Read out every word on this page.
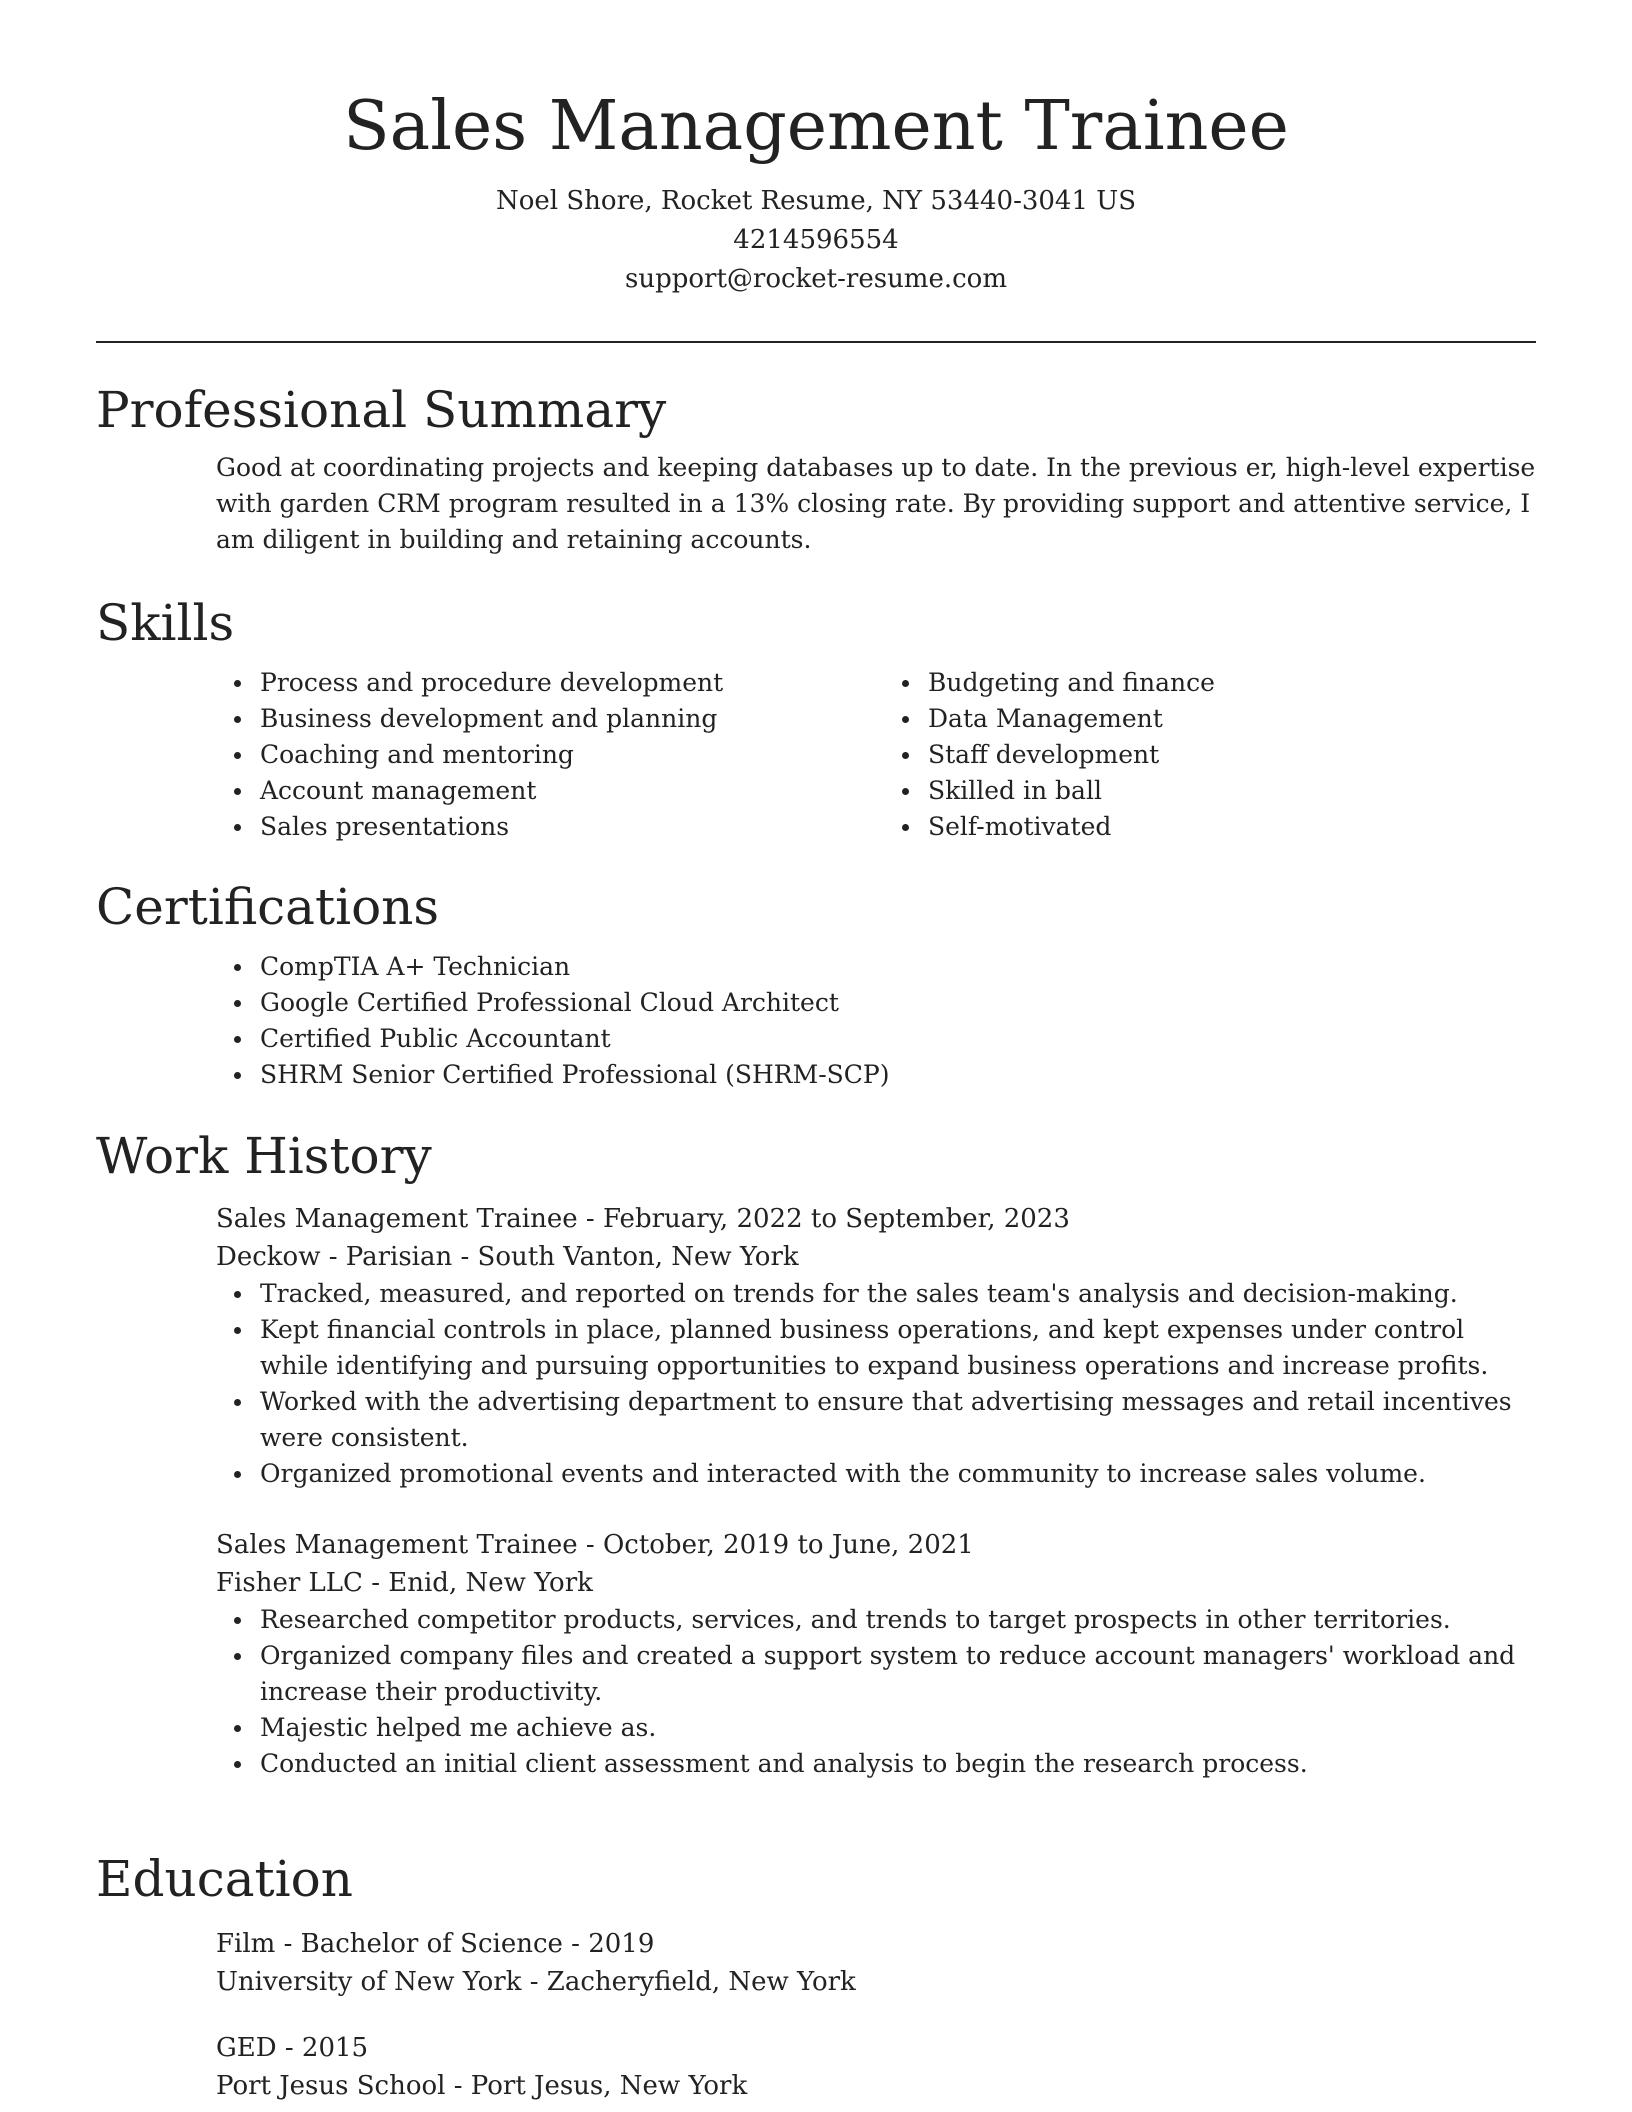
Sales Management Trainee

Noel Shore, Rocket Resume, NY 53440-3041 US

4214596554

support@rocket-resume.com

Professional Summary

Good at coordinating projects and keeping databases up to date. In the previous er, high-level expertise with garden CRM program resulted in a 13% closing rate. By providing support and attentive service, I am diligent in building and retaining accounts.

Skills
Process and procedure development
Business development and planning
Coaching and mentoring
Account management
Sales presentations
Budgeting and finance
Data Management
Staff development
Skilled in ball
Self-motivated
Certifications
CompTIA A+ Technician
Google Certified Professional Cloud Architect
Certified Public Accountant
SHRM Senior Certified Professional (SHRM-SCP)
Work History

Sales Management Trainee - February, 2022 to September, 2023

Deckow - Parisian - South Vanton, New York

Tracked, measured, and reported on trends for the sales team's analysis and decision-making.
Kept financial controls in place, planned business operations, and kept expenses under control while identifying and pursuing opportunities to expand business operations and increase profits.
Worked with the advertising department to ensure that advertising messages and retail incentives were consistent.
Organized promotional events and interacted with the community to increase sales volume.

Sales Management Trainee - October, 2019 to June, 2021

Fisher LLC - Enid, New York

Researched competitor products, services, and trends to target prospects in other territories.
Organized company files and created a support system to reduce account managers' workload and increase their productivity.
Majestic helped me achieve as.
Conducted an initial client assessment and analysis to begin the research process.
Education

Film - Bachelor of Science - 2019

University of New York - Zacheryfield, New York

GED - 2015

Port Jesus School - Port Jesus, New York
